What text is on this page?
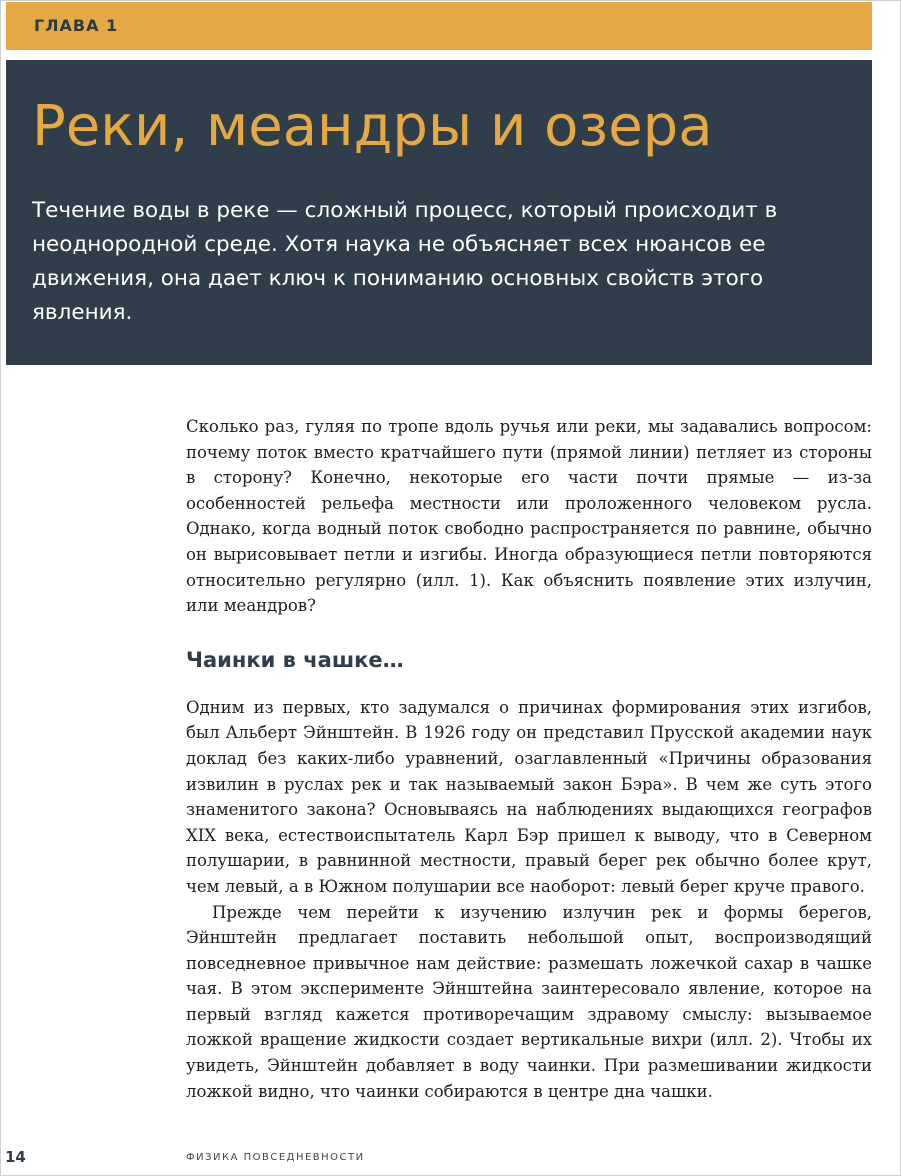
ГЛАВА 1
Реки, меандры и озера

Течение воды в реке — сложный процесс, который происходит в неоднородной среде. Хотя наука не объясняет всех нюансов ее движения, она дает ключ к пониманию основных свойств этого явления.

Сколько раз, гуляя по тропе вдоль ручья или реки, мы задавались вопросом: почему поток вместо кратчайшего пути (прямой линии) петляет из стороны в сторону? Конечно, некоторые его части почти прямые — из-за особенностей рельефа местности или проложенного человеком русла. Однако, когда водный поток свободно распространяется по равнине, обычно он вырисовывает петли и изгибы. Иногда образующиеся петли повторяются относительно регулярно (илл. 1). Как объяснить появление этих излучин, или меандров?

Чаинки в чашке…

Одним из первых, кто задумался о причинах формирования этих изгибов, был Альберт Эйнштейн. В 1926 году он представил Прусской академии наук доклад без каких-либо уравнений, озаглавленный «Причины образования извилин в руслах рек и так называемый закон Бэра». В чем же суть этого знаменитого закона? Основываясь на наблюдениях выдающихся географов XIX века, естествоиспытатель Карл Бэр пришел к выводу, что в Северном полушарии, в равнинной местности, правый берег рек обычно более крут, чем левый, а в Южном полушарии все наоборот: левый берег круче правого.

Прежде чем перейти к изучению излучин рек и формы берегов, Эйнштейн предлагает поставить небольшой опыт, воспроизводящий повседневное привычное нам действие: размешать ложечкой сахар в чашке чая. В этом эксперименте Эйнштейна заинтересовало явление, которое на первый взгляд кажется противоречащим здравому смыслу: вызываемое ложкой вращение жидкости создает вертикальные вихри (илл. 2). Чтобы их увидеть, Эйнштейн добавляет в воду чаинки. При размешивании жидкости ложкой видно, что чаинки собираются в центре дна чашки.

14	ФИЗИКА ПОВСЕДНЕВНОСТИ
